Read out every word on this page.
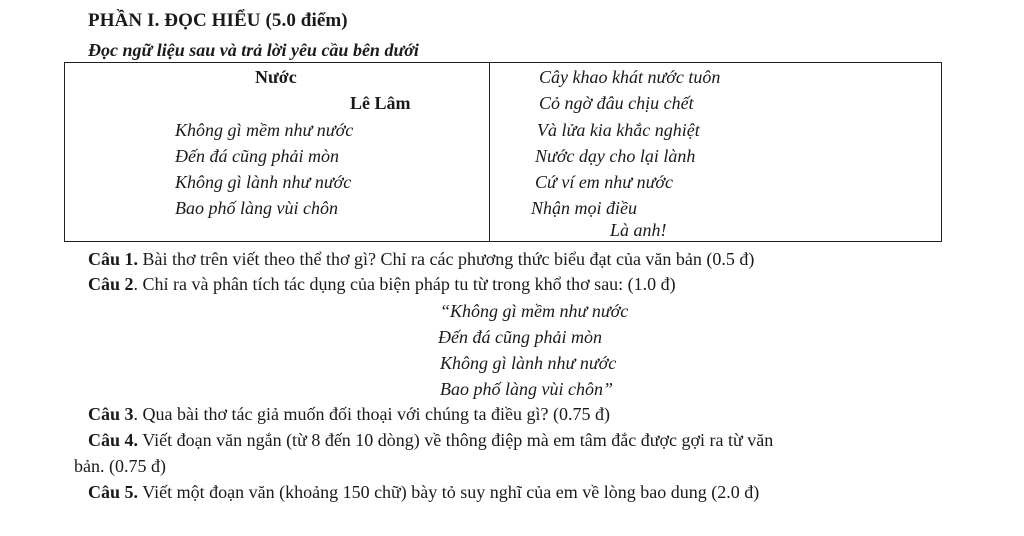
PHẦN I. ĐỌC HIỂU (5.0 điểm)
Đọc ngữ liệu sau và trả lời yêu cầu bên dưới
Nước
Lê Lâm
Không gì mềm như nước
Đến đá cũng phải mòn
Không gì lành như nước
Bao phố làng vùi chôn
Cây khao khát nước tuôn
Cỏ ngờ đâu chịu chết
Và lửa kia khắc nghiệt
Nước dạy cho lại lành
Cứ ví em như nước
Nhận mọi điều
Là anh!
Câu 1. Bài thơ trên viết theo thể thơ gì? Chỉ ra các phương thức biểu đạt của văn bản (0.5 đ)
Câu 2. Chỉ ra và phân tích tác dụng của biện pháp tu từ trong khổ thơ sau: (1.0 đ)
“Không gì mềm như nước
Đến đá cũng phải mòn
Không gì lành như nước
Bao phố làng vùi chôn”
Câu 3. Qua bài thơ tác giả muốn đối thoại với chúng ta điều gì? (0.75 đ)
Câu 4. Viết đoạn văn ngắn (từ 8 đến 10 dòng) về thông điệp mà em tâm đắc được gợi ra từ văn
bản. (0.75 đ)
Câu 5. Viết một đoạn văn (khoảng 150 chữ) bày tỏ suy nghĩ của em về lòng bao dung (2.0 đ)
